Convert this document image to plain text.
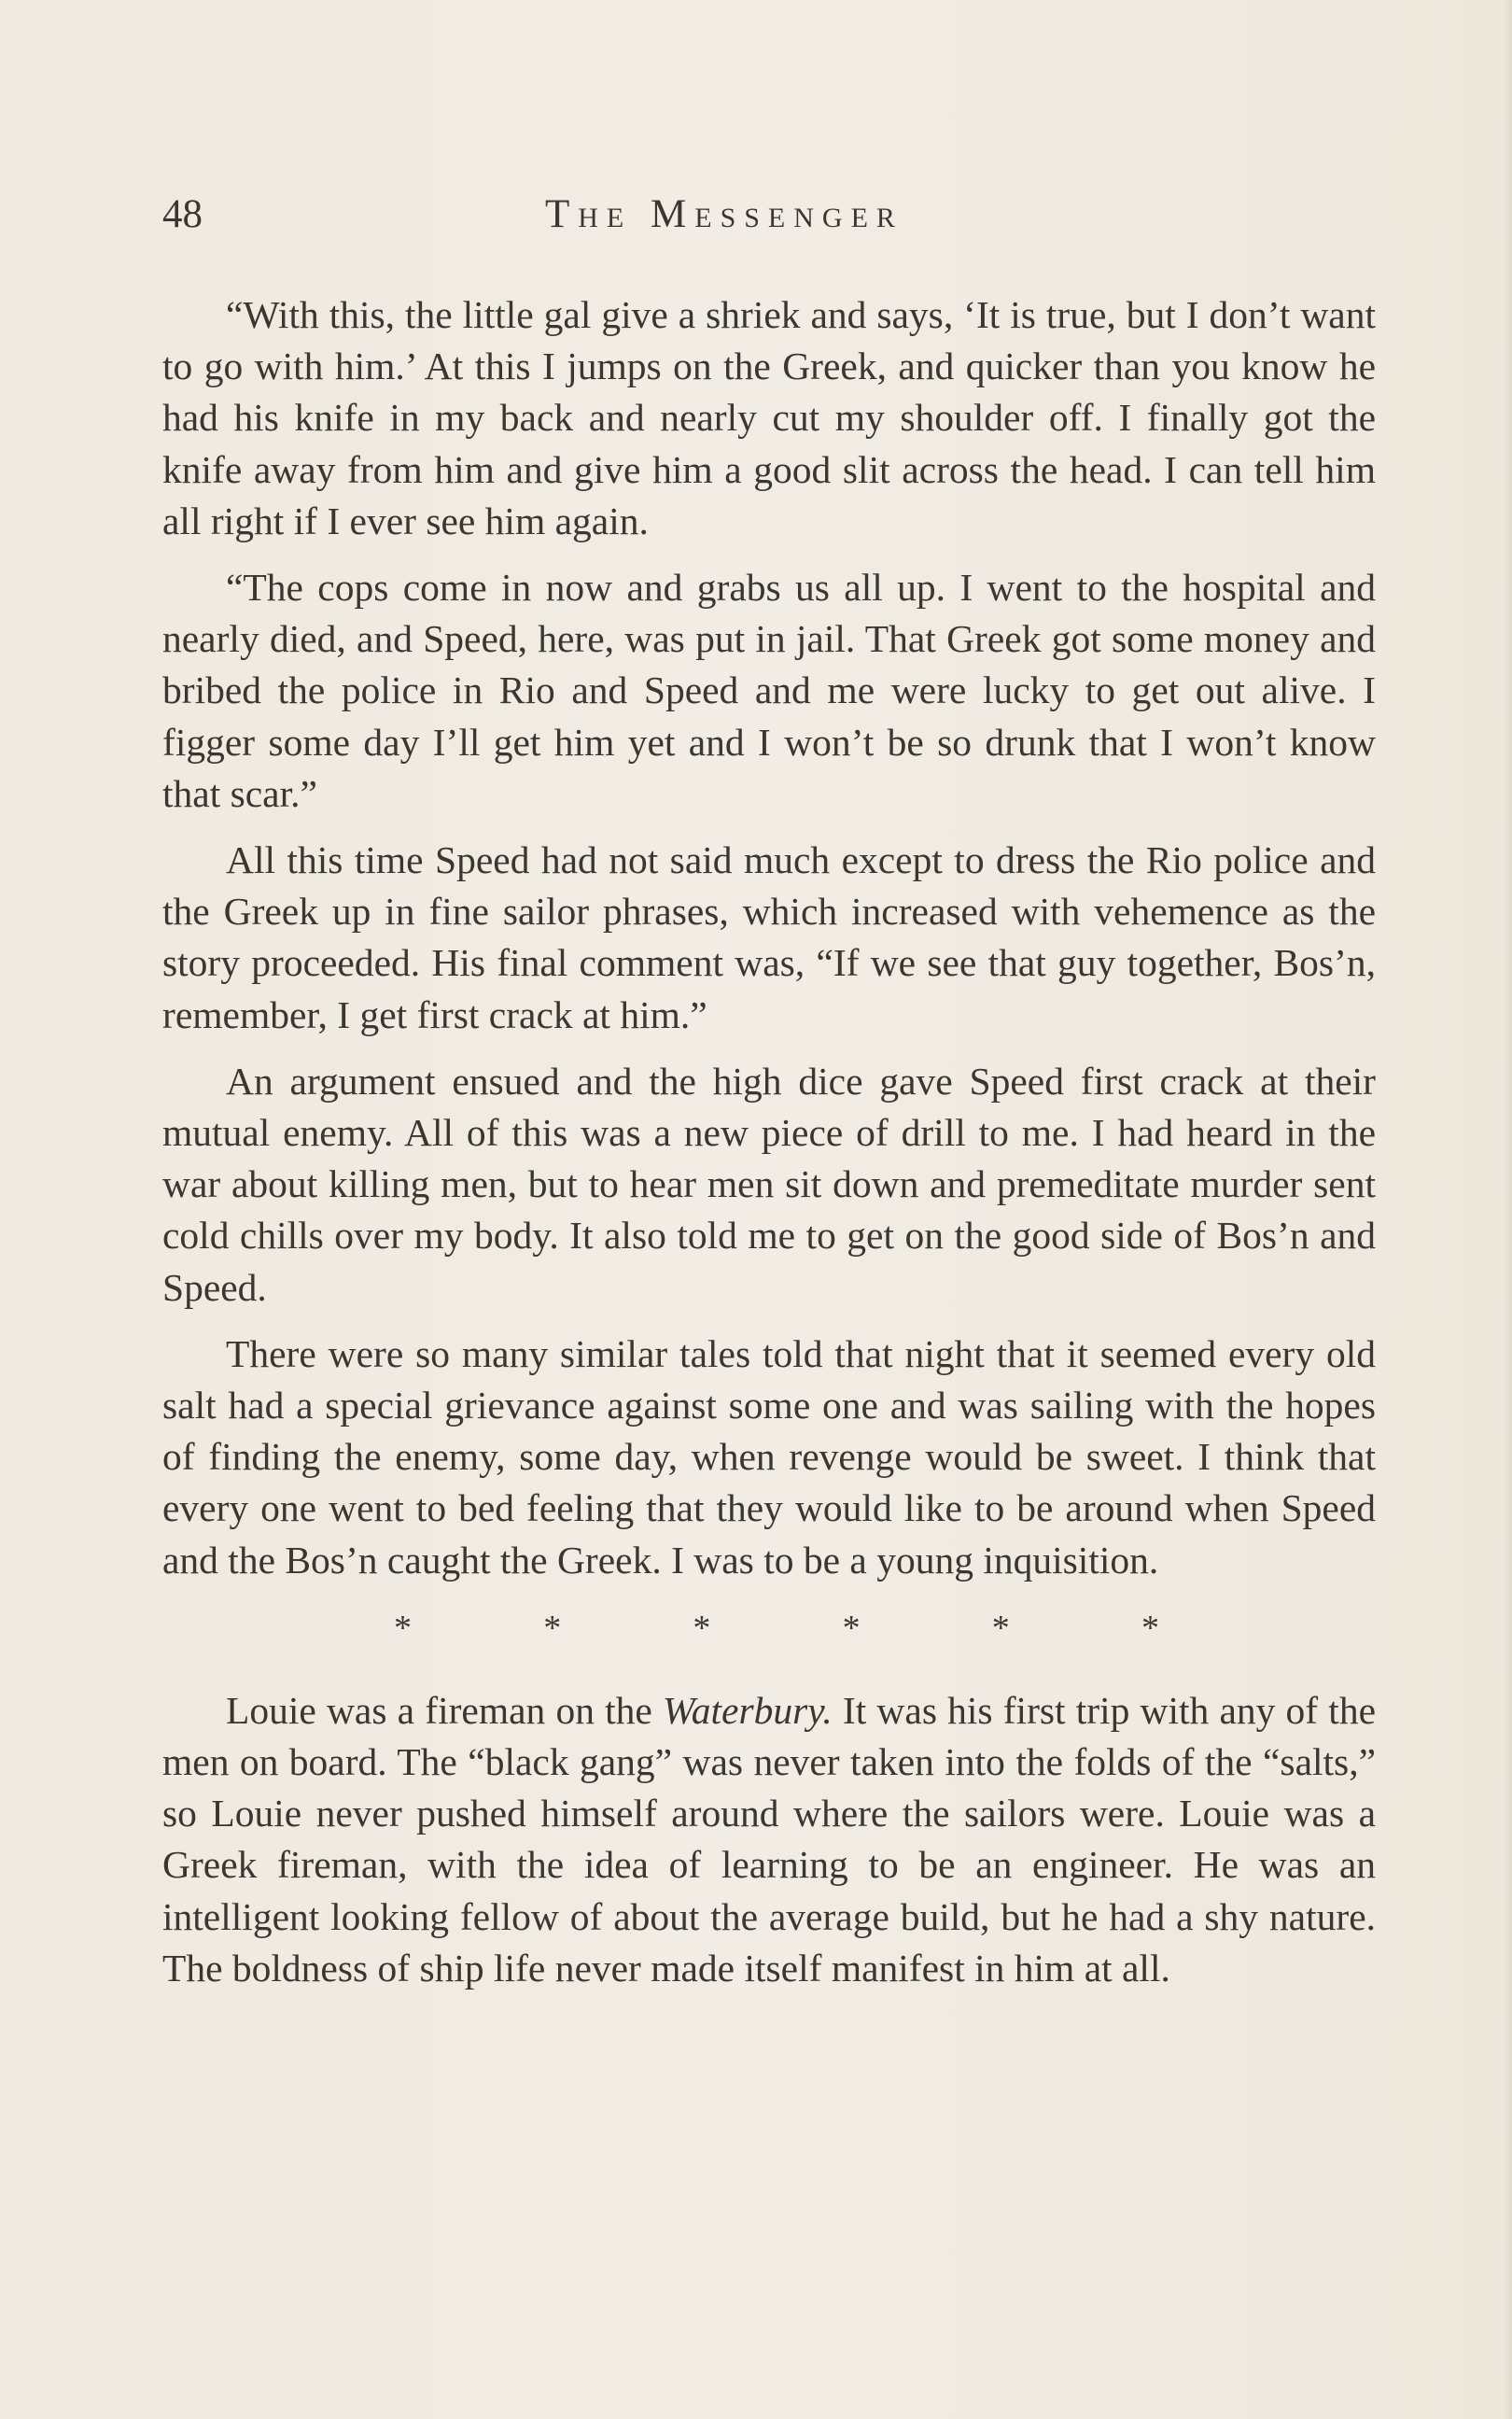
48	The Messenger

“With this, the little gal give a shriek and says, ‘It is true, but I don’t want to go with him.’ At this I jumps on the Greek, and quicker than you know he had his knife in my back and nearly cut my shoulder off. I finally got the knife away from him and give him a good slit across the head. I can tell him all right if I ever see him again.

“The cops come in now and grabs us all up. I went to the hospital and nearly died, and Speed, here, was put in jail. That Greek got some money and bribed the police in Rio and Speed and me were lucky to get out alive. I figger some day I’ll get him yet and I won’t be so drunk that I won’t know that scar.”

All this time Speed had not said much except to dress the Rio police and the Greek up in fine sailor phrases, which increased with vehemence as the story proceeded. His final comment was, “If we see that guy together, Bos’n, remember, I get first crack at him.”

An argument ensued and the high dice gave Speed first crack at their mutual enemy. All of this was a new piece of drill to me. I had heard in the war about killing men, but to hear men sit down and premeditate murder sent cold chills over my body. It also told me to get on the good side of Bos’n and Speed.

There were so many similar tales told that night that it seemed every old salt had a special grievance against some one and was sailing with the hopes of finding the enemy, some day, when revenge would be sweet. I think that every one went to bed feeling that they would like to be around when Speed and the Bos’n caught the Greek. I was to be a young inquisition.

*	*	*	*	*	*

Louie was a fireman on the Waterbury. It was his first trip with any of the men on board. The “black gang” was never taken into the folds of the “salts,” so Louie never pushed himself around where the sailors were. Louie was a Greek fireman, with the idea of learning to be an engineer. He was an intelligent looking fellow of about the average build, but he had a shy nature. The boldness of ship life never made itself manifest in him at all.
